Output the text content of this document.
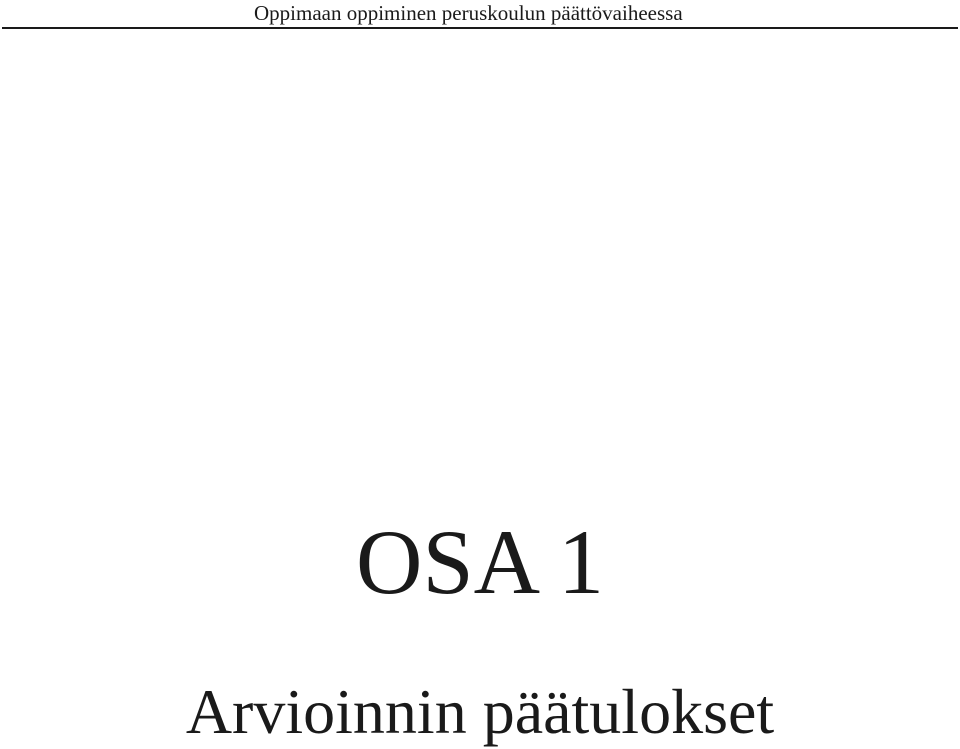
Oppimaan oppiminen peruskoulun päättövaiheessa
OSA 1
Arvioinnin päätulokset
